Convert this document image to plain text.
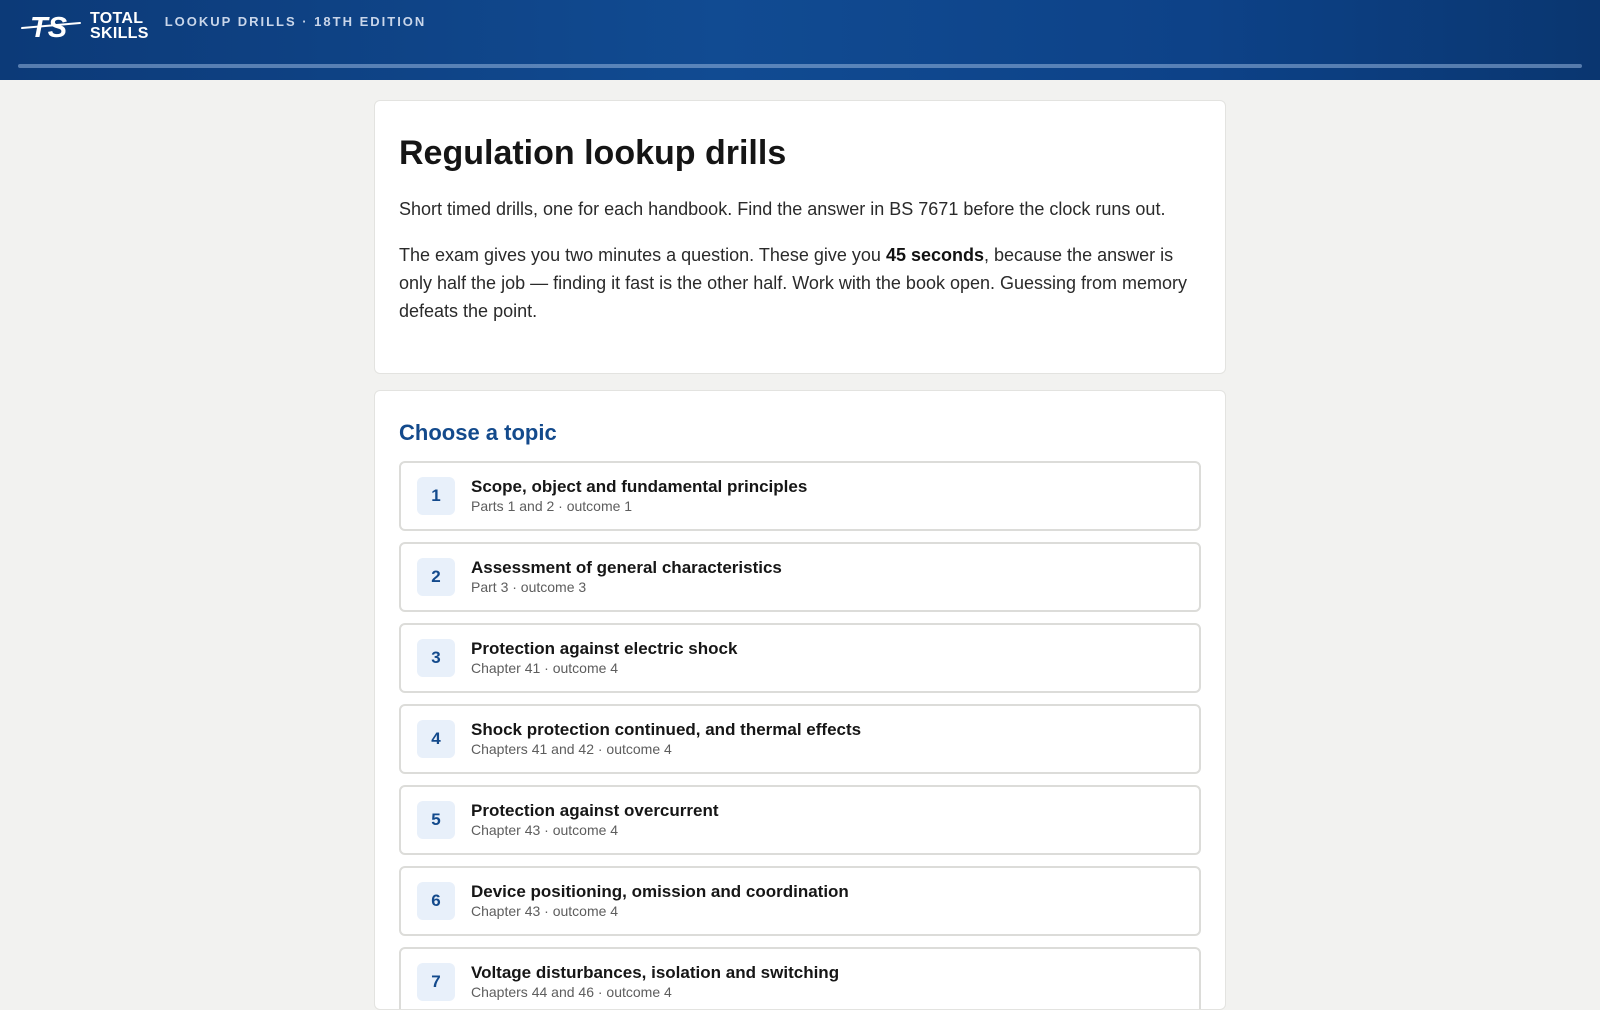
TS TOTAL
SKILLS
LOOKUP DRILLS · 18TH EDITION
Regulation lookup drills

Short timed drills, one for each handbook. Find the answer in BS 7671 before the clock runs out.

The exam gives you two minutes a question. These give you 45 seconds, because the answer is only half the job — finding it fast is the other half. Work with the book open. Guessing from memory defeats the point.

Choose a topic
1	Scope, object and fundamental principles
Parts 1 and 2 · outcome 1
2	Assessment of general characteristics
Part 3 · outcome 3
3	Protection against electric shock
Chapter 41 · outcome 4
4	Shock protection continued, and thermal effects
Chapters 41 and 42 · outcome 4
5	Protection against overcurrent
Chapter 43 · outcome 4
6	Device positioning, omission and coordination
Chapter 43 · outcome 4
7	Voltage disturbances, isolation and switching
Chapters 44 and 46 · outcome 4
